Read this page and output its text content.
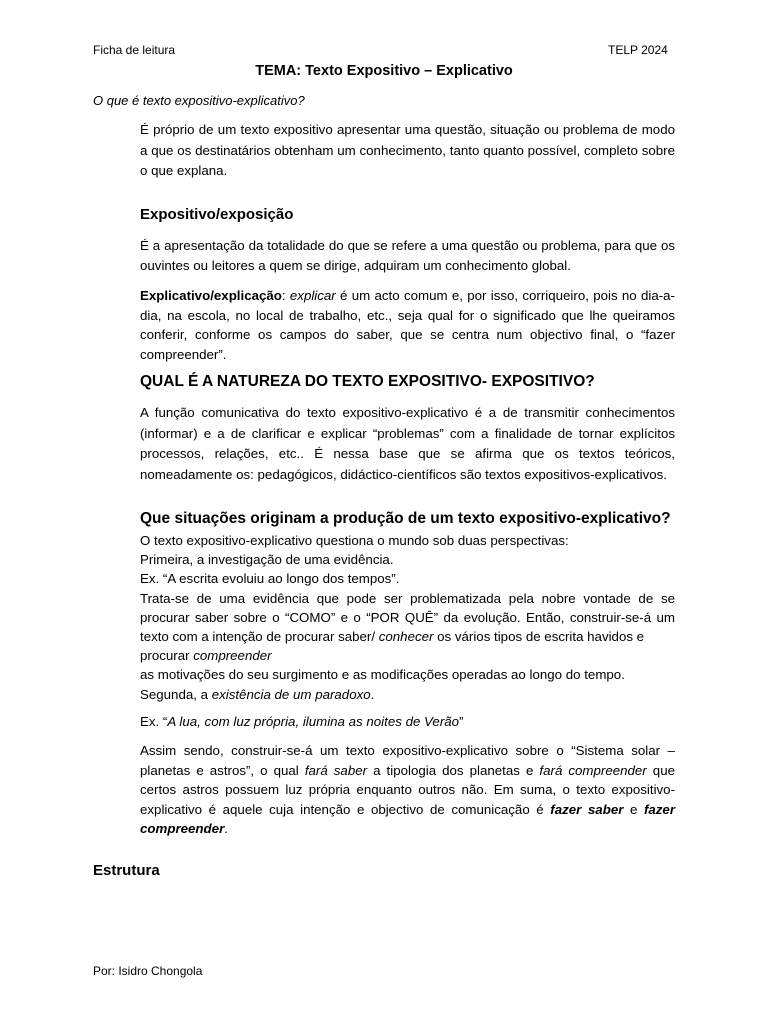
Ficha de leitura	TELP 2024
TEMA: Texto Expositivo – Explicativo
O que é texto expositivo-explicativo?

É próprio de um texto expositivo apresentar uma questão, situação ou problema de modo a que os destinatários obtenham um conhecimento, tanto quanto possível, completo sobre o que explana.

Expositivo/exposição

É a apresentação da totalidade do que se refere a uma questão ou problema, para que os ouvintes ou leitores a quem se dirige, adquiram um conhecimento global.

Explicativo/explicação: explicar é um acto comum e, por isso, corriqueiro, pois no dia-a-dia, na escola, no local de trabalho, etc., seja qual for o significado que lhe queiramos conferir, conforme os campos do saber, que se centra num objectivo final, o “fazer compreender”.

QUAL É A NATUREZA DO TEXTO EXPOSITIVO- EXPOSITIVO?

A função comunicativa do texto expositivo-explicativo é a de transmitir conhecimentos (informar) e a de clarificar e explicar “problemas” com a finalidade de tornar explícitos processos, relações, etc.. É nessa base que se afirma que os textos teóricos, nomeadamente os: pedagógicos, didáctico-científicos são textos expositivos-explicativos.

Que situações originam a produção de um texto expositivo-explicativo?

O texto expositivo-explicativo questiona o mundo sob duas perspectivas:

Primeira, a investigação de uma evidência.

Ex. “A escrita evoluiu ao longo dos tempos”.

Trata-se de uma evidência que pode ser problematizada pela nobre vontade de se procurar saber sobre o “COMO” e o “POR QUÊ” da evolução. Então, construir-se-á um texto com a intenção de procurar saber/ conhecer os vários tipos de escrita havidos e

procurar compreender

as motivações do seu surgimento e as modificações operadas ao longo do tempo.

Segunda, a existência de um paradoxo.

Ex. “A lua, com luz própria, ilumina as noites de Verão”

Assim sendo, construir-se-á um texto expositivo-explicativo sobre o “Sistema solar – planetas e astros”, o qual fará saber a tipologia dos planetas e fará compreender que certos astros possuem luz própria enquanto outros não. Em suma, o texto expositivo-explicativo é aquele cuja intenção e objectivo de comunicação é fazer saber e fazer compreender.

Estrutura
Por: Isidro Chongola
